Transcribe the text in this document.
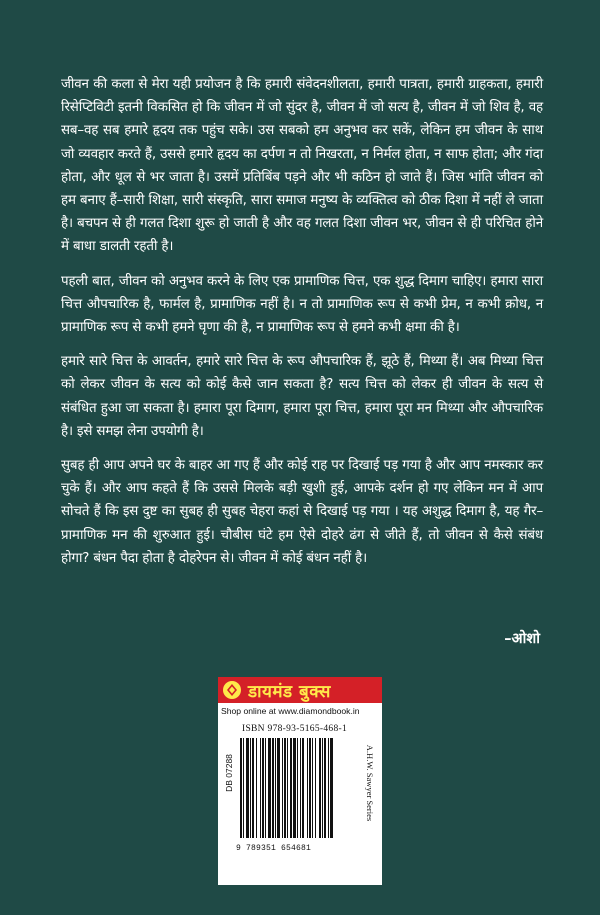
जीवन की कला से मेरा यही प्रयोजन है कि हमारी संवेदनशीलता, हमारी पात्रता, हमारी ग्राहकता, हमारी रिसेप्टिविटी इतनी विकसित हो कि जीवन में जो सुंदर है, जीवन में जो सत्य है, जीवन में जो शिव है, वह सब–वह सब हमारे हृदय तक पहुंच सके। उस सबको हम अनुभव कर सकें, लेकिन हम जीवन के साथ जो व्यवहार करते हैं, उससे हमारे हृदय का दर्पण न तो निखरता, न निर्मल होता, न साफ होता; और गंदा होता, और धूल से भर जाता है। उसमें प्रतिबिंब पड़ने और भी कठिन हो जाते हैं। जिस भांति जीवन को हम बनाए हैं–सारी शिक्षा, सारी संस्कृति, सारा समाज मनुष्य के व्यक्तित्व को ठीक दिशा में नहीं ले जाता है। बचपन से ही गलत दिशा शुरू हो जाती है और वह गलत दिशा जीवन भर, जीवन से ही परिचित होने में बाधा डालती रहती है।

पहली बात, जीवन को अनुभव करने के लिए एक प्रामाणिक चित्त, एक शुद्ध दिमाग चाहिए। हमारा सारा चित्त औपचारिक है, फार्मल है, प्रामाणिक नहीं है। न तो प्रामाणिक रूप से कभी प्रेम, न कभी क्रोध, न प्रामाणिक रूप से कभी हमने घृणा की है, न प्रामाणिक रूप से हमने कभी क्षमा की है।

हमारे सारे चित्त के आवर्तन, हमारे सारे चित्त के रूप औपचारिक हैं, झूठे हैं, मिथ्या हैं। अब मिथ्या चित्त को लेकर जीवन के सत्य को कोई कैसे जान सकता है? सत्य चित्त को लेकर ही जीवन के सत्य से संबंधित हुआ जा सकता है। हमारा पूरा दिमाग, हमारा पूरा चित्त, हमारा पूरा मन मिथ्या और औपचारिक है। इसे समझ लेना उपयोगी है।

सुबह ही आप अपने घर के बाहर आ गए हैं और कोई राह पर दिखाई पड़ गया है और आप नमस्कार कर चुके हैं। और आप कहते हैं कि उससे मिलके बड़ी खुशी हुई, आपके दर्शन हो गए लेकिन मन में आप सोचते हैं कि इस दुष्ट का सुबह ही सुबह चेहरा कहां से दिखाई पड़ गया । यह अशुद्ध दिमाग है, यह गैर–प्रामाणिक मन की शुरुआत हुई। चौबीस घंटे हम ऐसे दोहरे ढंग से जीते हैं, तो जीवन से कैसे संबंध होगा? बंधन पैदा होता है दोहरेपन से। जीवन में कोई बंधन नहीं है।

–ओशो
डायमंड बुक्स
Shop online at www.diamondbook.in
ISBN 978-93-5165-468-1
DB 07288	A.H.W. Sawyer Series
9 789351 654681
